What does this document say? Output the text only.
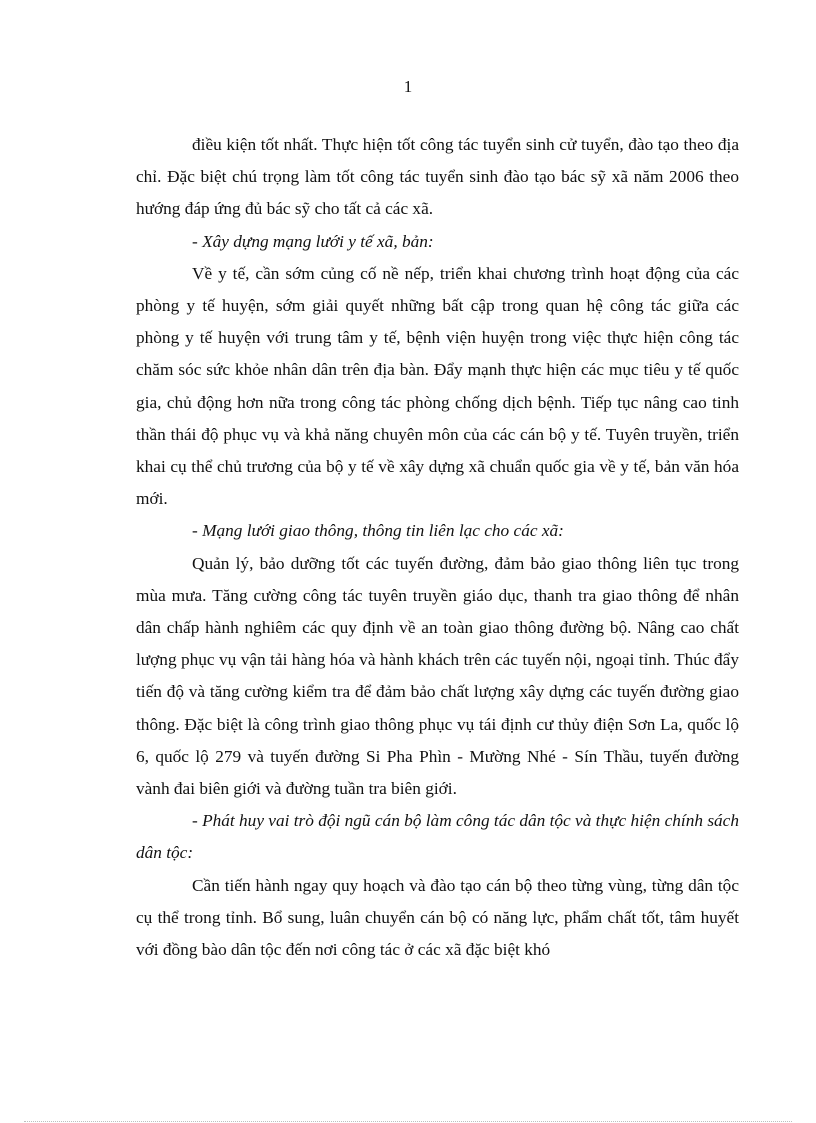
1

điều kiện tốt nhất. Thực hiện tốt công tác tuyển sinh cử tuyển, đào tạo theo địa chỉ. Đặc biệt chú trọng làm tốt công tác tuyển sinh đào tạo bác sỹ xã năm 2006 theo hướng đáp ứng đủ bác sỹ cho tất cả các xã.

- Xây dựng mạng lưới y tế xã, bản:

Về y tế, cần sớm củng cố nề nếp, triển khai chương trình hoạt động của các phòng y tế huyện, sớm giải quyết những bất cập trong quan hệ công tác giữa các phòng y tế huyện với trung tâm y tế, bệnh viện huyện trong việc thực hiện công tác chăm sóc sức khỏe nhân dân trên địa bàn. Đẩy mạnh thực hiện các mục tiêu y tế quốc gia, chủ động hơn nữa trong công tác phòng chống dịch bệnh. Tiếp tục nâng cao tinh thần thái độ phục vụ và khả năng chuyên môn của các cán bộ y tế. Tuyên truyền, triển khai cụ thể chủ trương của bộ y tế về xây dựng xã chuẩn quốc gia về y tế, bản văn hóa mới.

- Mạng lưới giao thông, thông tin liên lạc cho các xã:

Quản lý, bảo dưỡng tốt các tuyến đường, đảm bảo giao thông liên tục trong mùa mưa. Tăng cường công tác tuyên truyền giáo dục, thanh tra giao thông để nhân dân chấp hành nghiêm các quy định về an toàn giao thông đường bộ. Nâng cao chất lượng phục vụ vận tải hàng hóa và hành khách trên các tuyến nội, ngoại tỉnh. Thúc đẩy tiến độ và tăng cường kiểm tra để đảm bảo chất lượng xây dựng các tuyến đường giao thông. Đặc biệt là công trình giao thông phục vụ tái định cư thủy điện Sơn La, quốc lộ 6, quốc lộ 279 và tuyến đường Si Pha Phìn - Mường Nhé - Sín Thầu, tuyến đường vành đai biên giới và đường tuần tra biên giới.

- Phát huy vai trò đội ngũ cán bộ làm công tác dân tộc và thực hiện chính sách dân tộc:

Cần tiến hành ngay quy hoạch và đào tạo cán bộ theo từng vùng, từng dân tộc cụ thể trong tỉnh. Bổ sung, luân chuyển cán bộ có năng lực, phẩm chất tốt, tâm huyết với đồng bào dân tộc đến nơi công tác ở các xã đặc biệt khó
